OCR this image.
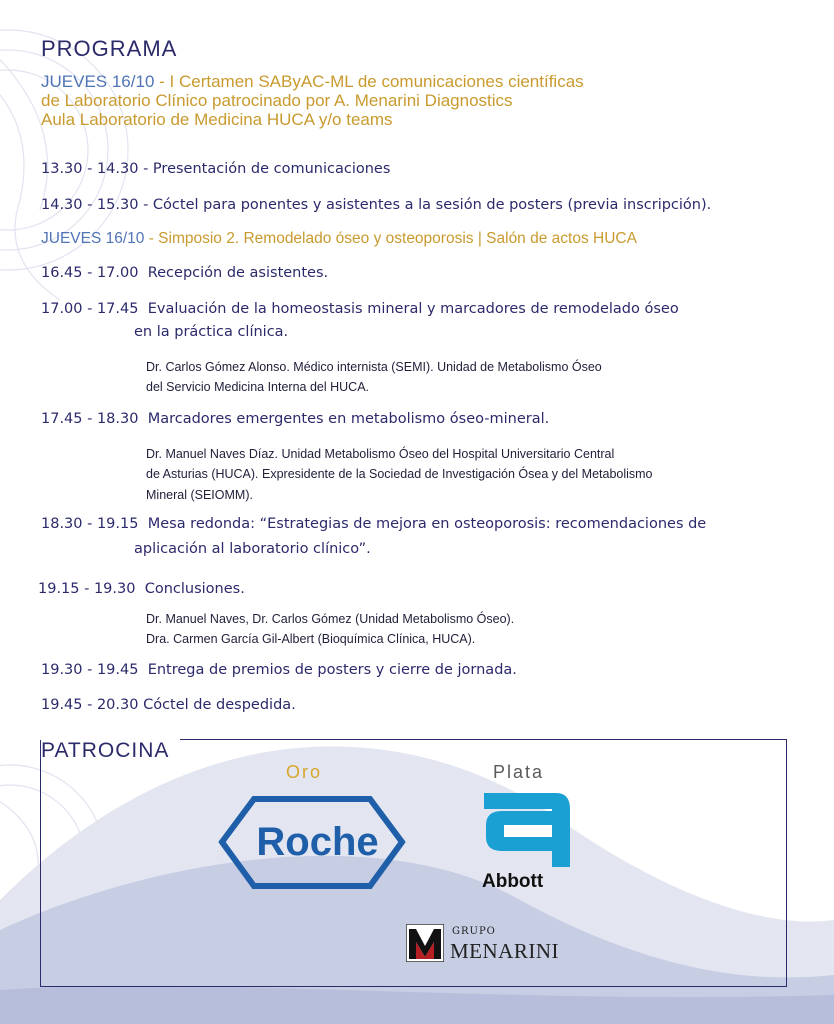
PROGRAMA
JUEVES 16/10 - I Certamen SAByAC-ML de comunicaciones científicas
de Laboratorio Clínico patrocinado por A. Menarini Diagnostics
Aula Laboratorio de Medicina HUCA y/o teams
13.30 - 14.30 - Presentación de comunicaciones
14.30 - 15.30 - Cóctel para ponentes y asistentes a la sesión de posters (previa inscripción).
JUEVES 16/10 - Simposio 2. Remodelado óseo y osteoporosis | Salón de actos HUCA
16.45 - 17.00 Recepción de asistentes.
17.00 - 17.45 Evaluación de la homeostasis mineral y marcadores de remodelado óseo
en la práctica clínica.
Dr. Carlos Gómez Alonso. Médico internista (SEMI). Unidad de Metabolismo Óseo
del Servicio Medicina Interna del HUCA.
17.45 - 18.30 Marcadores emergentes en metabolismo óseo-mineral.
Dr. Manuel Naves Díaz. Unidad Metabolismo Óseo del Hospital Universitario Central
de Asturias (HUCA). Expresidente de la Sociedad de Investigación Ósea y del Metabolismo
Mineral (SEIOMM).
18.30 - 19.15 Mesa redonda: “Estrategias de mejora en osteoporosis: recomendaciones de
aplicación al laboratorio clínico”.
19.15 - 19.30 Conclusiones.
Dr. Manuel Naves, Dr. Carlos Gómez (Unidad Metabolismo Óseo).
Dra. Carmen García Gil-Albert (Bioquímica Clínica, HUCA).
19.30 - 19.45 Entrega de premios de posters y cierre de jornada.
19.45 - 20.30 Cóctel de despedida.
PATROCINA
Oro	Plata
Roche
Abbott
GRUPO
MENARINI
